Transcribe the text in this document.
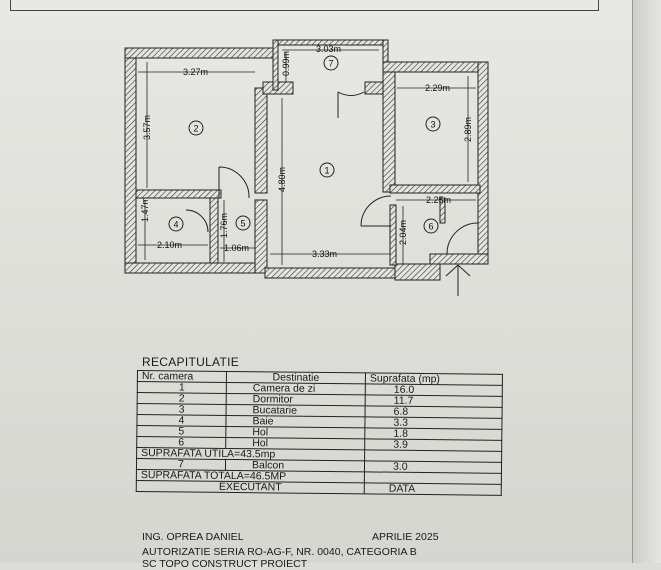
3.03m
0.99m
3.27m
3.57m
2.29m
2.89m
4.80m
3.33m
2.10m
1.47m
1.06m
1.76m
2.25m
2.04m
1
2	3
4	5	6
7
RECAPITULATIE
Nr. camera	Destinatie	Suprafata (mp)
1	Camera de zi	16.0
2	Dormitor	11.7
3	Bucatarie	6.8
4	Baie	3.3
5	Hol	1.8
6	Hol	3.9
SUPRAFATA UTILA=43.5mp		
7	Balcon	3.0
SUPRAFATA TOTALA=46.5MP		
EXECUTANT		DATA
ING. OPREA DANIEL	APRILIE 2025
AUTORIZATIE SERIA RO-AG-F, NR. 0040, CATEGORIA B
SC TOPO CONSTRUCT PROIECT
